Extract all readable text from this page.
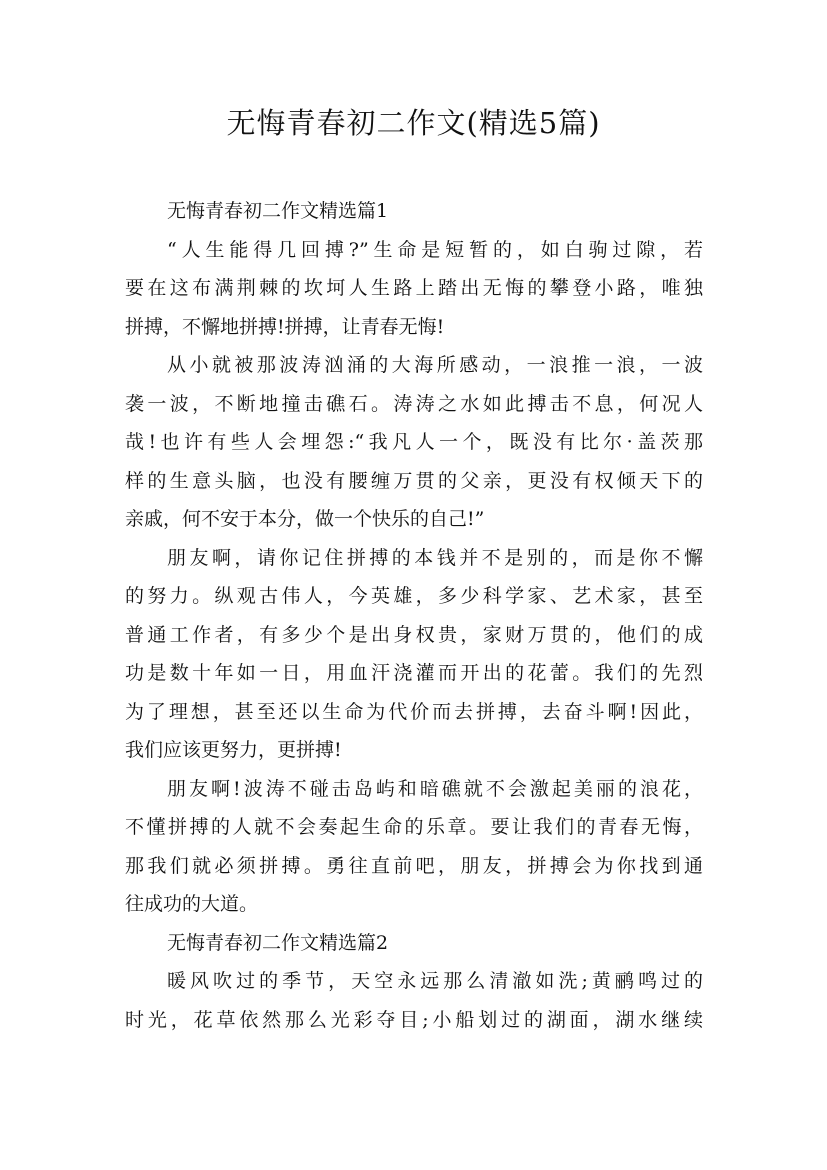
无悔青春初二作文(精选5篇)
无悔青春初二作文精选篇1
“人生能得几回搏?”生命是短暂的，如白驹过隙，若
要在这布满荆棘的坎坷人生路上踏出无悔的攀登小路，唯独
拼搏，不懈地拼搏!拼搏，让青春无悔!
从小就被那波涛汹涌的大海所感动，一浪推一浪，一波
袭一波，不断地撞击礁石。涛涛之水如此搏击不息，何况人
哉!也许有些人会埋怨:“我凡人一个，既没有比尔·盖茨那
样的生意头脑，也没有腰缠万贯的父亲，更没有权倾天下的
亲戚，何不安于本分，做一个快乐的自己!”
朋友啊，请你记住拼搏的本钱并不是别的，而是你不懈
的努力。纵观古伟人，今英雄，多少科学家、艺术家，甚至
普通工作者，有多少个是出身权贵，家财万贯的，他们的成
功是数十年如一日，用血汗浇灌而开出的花蕾。我们的先烈
为了理想，甚至还以生命为代价而去拼搏，去奋斗啊!因此，
我们应该更努力，更拼搏!
朋友啊!波涛不碰击岛屿和暗礁就不会激起美丽的浪花，
不懂拼搏的人就不会奏起生命的乐章。要让我们的青春无悔，
那我们就必须拼搏。勇往直前吧，朋友，拼搏会为你找到通
往成功的大道。
无悔青春初二作文精选篇2
暖风吹过的季节，天空永远那么清澈如洗;黄鹂鸣过的
时光，花草依然那么光彩夺目;小船划过的湖面，湖水继续
